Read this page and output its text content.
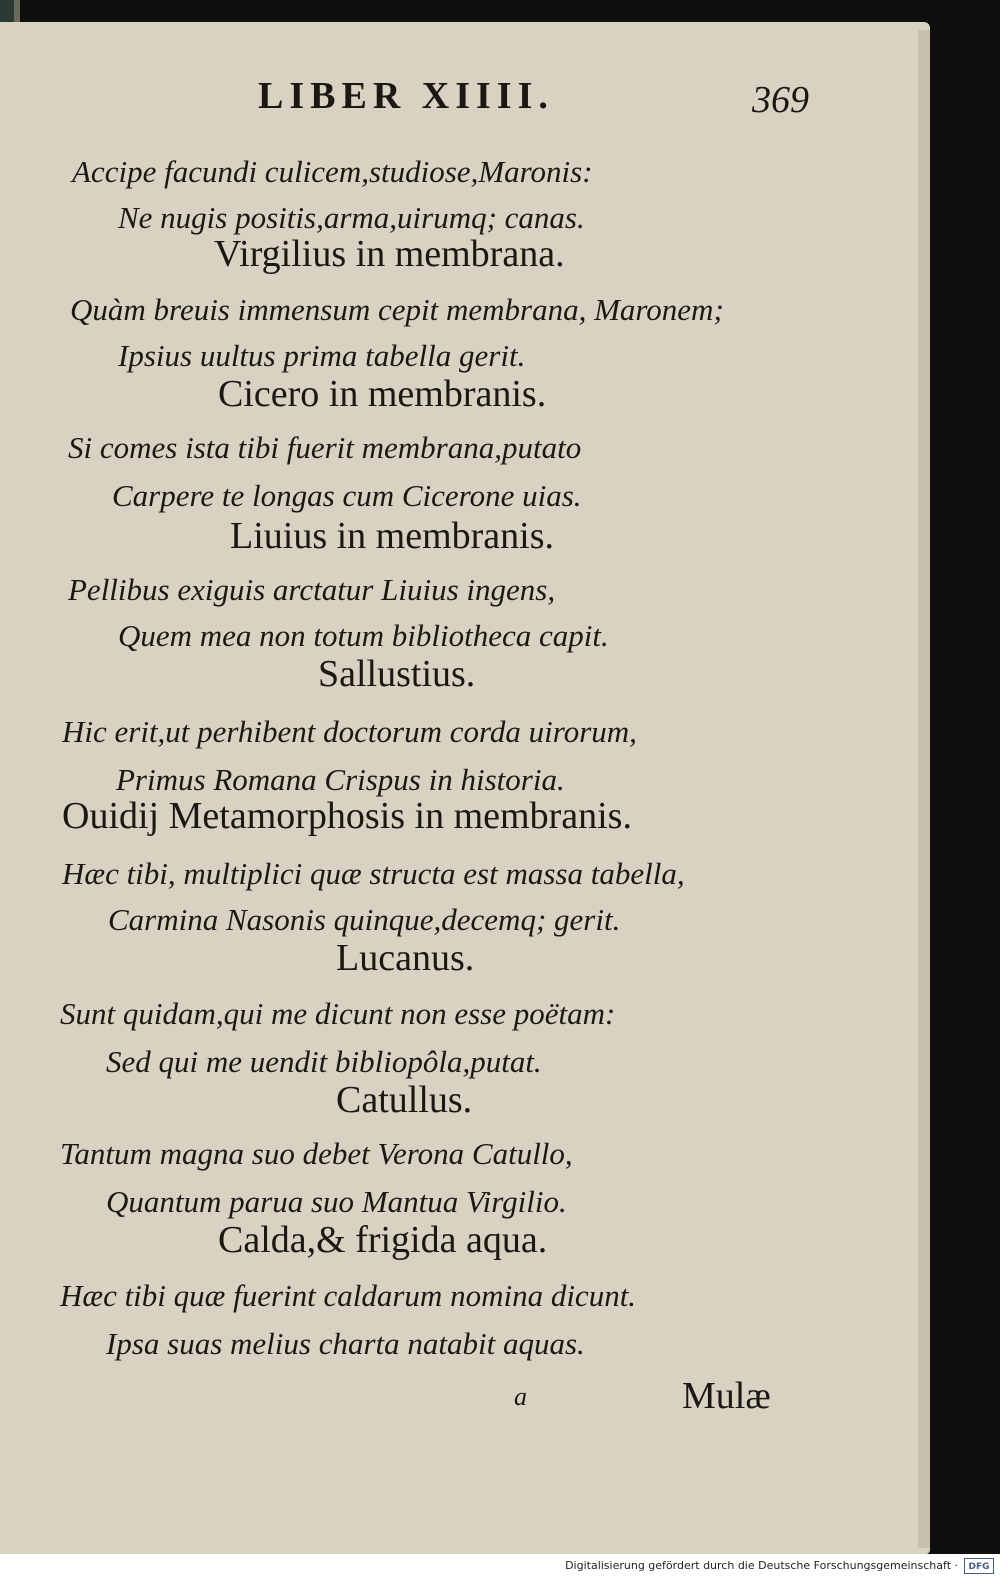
LIBER XIIII.	369
Accipe facundi culicem,studiose,Maronis:
Ne nugis positis,arma,uirumq; canas.
Virgilius in membrana.
Quàm breuis immensum cepit membrana, Maronem;
Ipsius uultus prima tabella gerit.
Cicero in membranis.
Si comes ista tibi fuerit membrana,putato
Carpere te longas cum Cicerone uias.
Liuius in membranis.
Pellibus exiguis arctatur Liuius ingens,
Quem mea non totum bibliotheca capit.
Sallustius.
Hic erit,ut perhibent doctorum corda uirorum,
Primus Romana Crispus in historia.
Ouidij Metamorphosis in membranis.
Hæc tibi, multiplici quæ structa est massa tabella,
Carmina Nasonis quinque,decemq; gerit.
Lucanus.
Sunt quidam,qui me dicunt non esse poëtam:
Sed qui me uendit bibliopôla,putat.
Catullus.
Tantum magna suo debet Verona Catullo,
Quantum parua suo Mantua Virgilio.
Calda,& frigida aqua.
Hæc tibi quæ fuerint caldarum nomina dicunt.
Ipsa suas melius charta natabit aquas.
a	Mulæ
Digitalisierung gefördert durch die Deutsche Forschungsgemeinschaft ·	DFG
